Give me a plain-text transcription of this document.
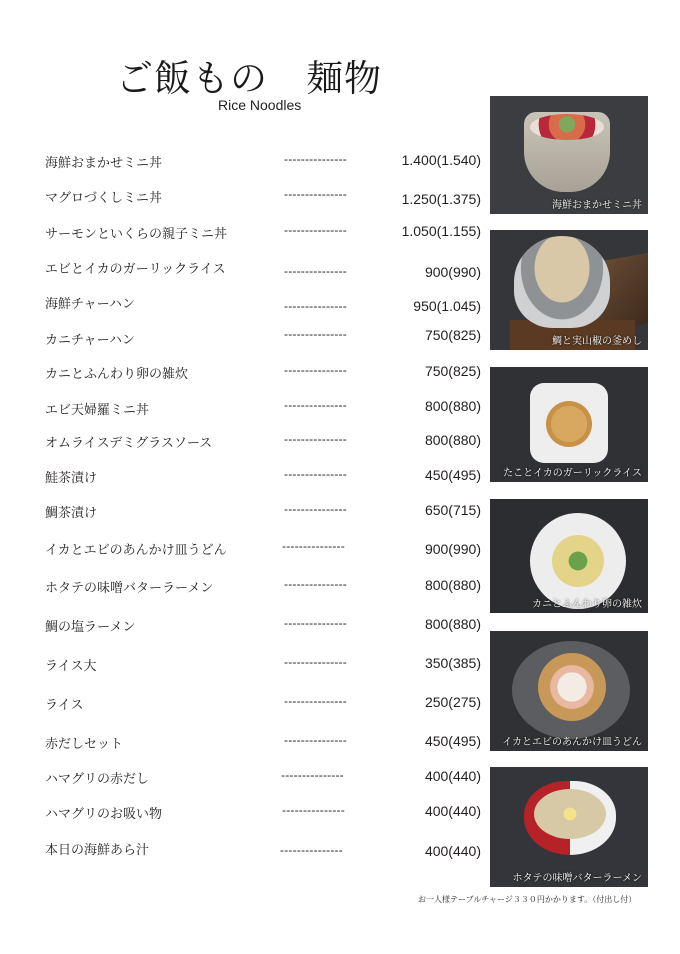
ご飯もの　麺物
Rice Noodles
海鮮おまかせミニ丼	---------------	1.400(1.540)
マグロづくしミニ丼	---------------	1.250(1.375)
サーモンといくらの親子ミニ丼	---------------	1.050(1.155)
エビとイカのガーリックライス	---------------	900(990)
海鮮チャーハン	---------------	950(1.045)
カニチャーハン	---------------	750(825)
カニとふんわり卵の雑炊	---------------	750(825)
エビ天婦羅ミニ丼	---------------	800(880)
オムライスデミグラスソース	---------------	800(880)
鮭茶漬け	---------------	450(495)
鯛茶漬け	---------------	650(715)
イカとエビのあんかけ皿うどん	---------------	900(990)
ホタテの味噌バターラーメン	---------------	800(880)
鯛の塩ラーメン	---------------	800(880)
ライス大	---------------	350(385)
ライス	---------------	250(275)
赤だしセット	---------------	450(495)
ハマグリの赤だし	---------------	400(440)
ハマグリのお吸い物	---------------	400(440)
本日の海鮮あら汁	---------------	400(440)
海鮮おまかせミニ丼
鯛と実山椒の釜めし
たことイカのガーリックライス
カニとふんわり卵の雑炊
イカとエビのあんかけ皿うどん
ホタテの味噌バターラーメン
お一人様テーブルチャージ３３０円かかります。（付出し付）
